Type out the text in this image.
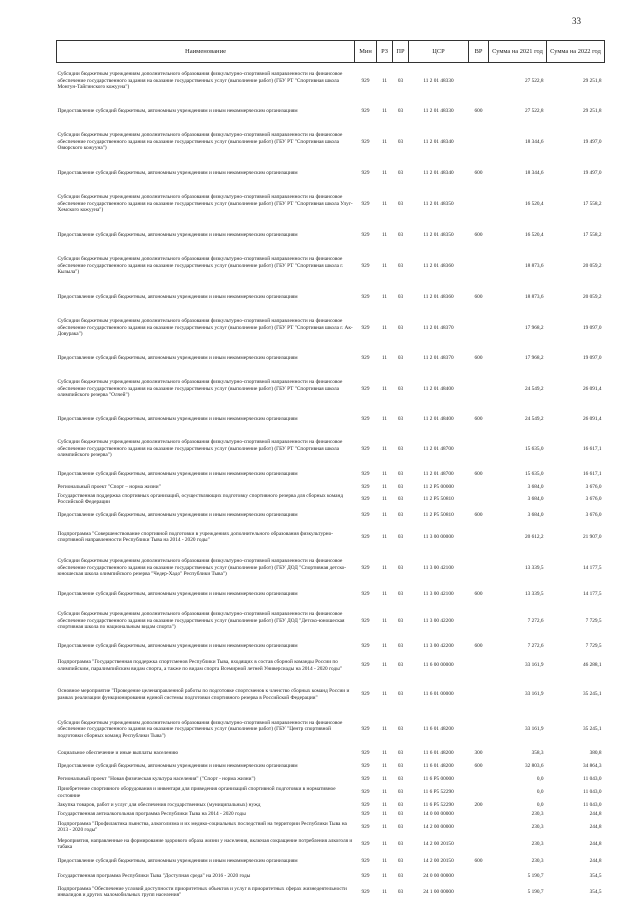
33
Наименование	Мин	РЗ	ПР	ЦСР	ВР	Сумма на 2021 год	Сумма на 2022 год
Субсидии бюджетным учреждениям дополнительного образования физкультурно-спортивной направленности на финансовое обеспечение государственного задания на оказание государственных услуг (выполнение работ) (ГБУ РТ "Спортивная школа Монгун-Тайгинского кожууна")	929	11	03	11 2 01 48330		27 522,8	29 251,8
Предоставление субсидий бюджетным, автономным учреждениям и иным некоммерческим организациям	929	11	03	11 2 01 48330	600	27 522,8	29 251,8
Субсидии бюджетным учреждениям дополнительного образования физкультурно-спортивной направленности на финансовое обеспечение государственного задания на оказание государственных услуг (выполнение работ) (ГБУ РТ "Спортивная школа Овюрского кожууна")	929	11	03	11 2 01 48340		18 344,6	19 497,0
Предоставление субсидий бюджетным, автономным учреждениям и иным некоммерческим организациям	929	11	03	11 2 01 48340	600	18 344,6	19 497,0
Субсидии бюджетным учреждениям дополнительного образования физкультурно-спортивной направленности на финансовое обеспечение государственного задания на оказание государственных услуг (выполнение работ) (ГБУ РТ "Спортивная школа Улуг-Хемского кожууна")	929	11	03	11 2 01 48350		16 520,4	17 558,2
Предоставление субсидий бюджетным, автономным учреждениям и иным некоммерческим организациям	929	11	03	11 2 01 48350	600	16 520,4	17 558,2
Субсидии бюджетным учреждениям дополнительного образования физкультурно-спортивной направленности на финансовое обеспечение государственного задания на оказание государственных услуг (выполнение работ) (ГБУ РТ "Спортивная школа г. Кызыла")	929	11	03	11 2 01 48360		18 873,6	20 059,2
Предоставление субсидий бюджетным, автономным учреждениям и иным некоммерческим организациям	929	11	03	11 2 01 48360	600	18 873,6	20 059,2
Субсидии бюджетным учреждениям дополнительного образования физкультурно-спортивной направленности на финансовое обеспечение государственного задания на оказание государственных услуг (выполнение работ) (ГБУ РТ "Спортивная школа г. Ак-Довурака")	929	11	03	11 2 01 48370		17 968,2	19 097,0
Предоставление субсидий бюджетным, автономным учреждениям и иным некоммерческим организациям	929	11	03	11 2 01 48370	600	17 968,2	19 097,0
Субсидии бюджетным учреждениям дополнительного образования физкультурно-спортивной направленности на финансовое обеспечение государственного задания на оказание государственных услуг (выполнение работ) (ГБУ РТ "Спортивная школа олимпийского резерва "Олчей")	929	11	03	11 2 01 48400		24 549,2	26 091,4
Предоставление субсидий бюджетным, автономным учреждениям и иным некоммерческим организациям	929	11	03	11 2 01 48400	600	24 549,2	26 091,4
Субсидии бюджетным учреждениям дополнительного образования физкультурно-спортивной направленности на финансовое обеспечение государственного задания на оказание государственных услуг (выполнение работ) (ГБУ РТ "Спортивная школа олимпийского резерва")	929	11	03	11 2 01 48700		15 635,0	16 617,1
Предоставление субсидий бюджетным, автономным учреждениям и иным некоммерческим организациям	929	11	03	11 2 01 48700	600	15 635,0	16 617,1
Региональный проект "Спорт – норма жизни"	929	11	03	11 2 P5 00000		3 684,0	3 676,0
Государственная поддержка спортивных организаций, осуществляющих подготовку спортивного резерва для сборных команд Российской Федерации	929	11	03	11 2 P5 50810		3 684,0	3 676,0
Предоставление субсидий бюджетным, автономным учреждениям и иным некоммерческим организациям	929	11	03	11 2 P5 50810	600	3 684,0	3 676,0
Подпрограмма "Совершенствование спортивной подготовки в учреждениях дополнительного образования физкультурно-спортивной направленности Республики Тыва на 2014 - 2020 годы"	929	11	03	11 3 00 00000		20 612,2	21 907,0
Субсидии бюджетным учреждениям дополнительного образования физкультурно-спортивной направленности на финансовое обеспечение государственного задания на оказание государственных услуг (выполнение работ) (ГБУ ДОД "Спортивная детско-юношеская школа олимпийского резерва "Чедер-Хадо" Республики Тыва")	929	11	03	11 3 00 42100		13 339,5	14 177,5
Предоставление субсидий бюджетным, автономным учреждениям и иным некоммерческим организациям	929	11	03	11 3 00 42100	600	13 339,5	14 177,5
Субсидии бюджетным учреждениям дополнительного образования физкультурно-спортивной направленности на финансовое обеспечение государственного задания на оказание государственных услуг (выполнение работ) (ГБУ ДОД "Детско-юношеская спортивная школа по национальным видам спорта")	929	11	03	11 3 00 42200		7 272,6	7 729,5
Предоставление субсидий бюджетным, автономным учреждениям и иным некоммерческим организациям	929	11	03	11 3 00 42200	600	7 272,6	7 729,5
Подпрограмма "Государственная поддержка спортсменов Республики Тыва, входящих в состав сборной команды России по олимпийским, паралимпийским видам спорта, а также по видам спорта Всемирной летней Универсиады на 2014 - 2020 годы"	929	11	03	11 6 00 00000		33 161,9	46 288,1
Основное мероприятие "Проведение целенаправленной работы по подготовке спортсменов к членство сборных команд России и рамках реализации функционирования единой системы подготовки спортивного резерва в Российской Федерации"	929	11	03	11 6 01 00000		33 161,9	35 245,1
Субсидии бюджетным учреждениям дополнительного образования физкультурно-спортивной направленности на финансовое обеспечение государственного задания на оказание государственных услуг (выполнение работ) (ГБУ "Центр спортивной подготовки сборных команд Республики Тыва")	929	11	03	11 6 01 48200		33 161,9	35 245,1
Социальное обеспечение и иные выплаты населению	929	11	03	11 6 01 48200	300	358,3	380,8
Предоставление субсидий бюджетным, автономным учреждениям и иным некоммерческим организациям	929	11	03	11 6 01 48200	600	32 803,6	34 864,3
Региональный проект "Новая физическая культура населения" ("Спорт - норма жизни")	929	11	03	11 6 P5 00000		0,0	11 043,0
Приобретение спортивного оборудования и инвентаря для приведения организаций спортивной подготовки в нормативное состояние	929	11	03	11 6 P5 52290		0,0	11 043,0
Закупка товаров, работ и услуг для обеспечения государственных (муниципальных) нужд	929	11	03	11 6 P5 52290	200	0,0	11 043,0
Государственная антиалкогольная программа Республики Тыва на 2014 - 2020 годы	929	11	03	14 0 00 00000		230,3	244,8
Подпрограмма "Профилактика пьянства, алкоголизма и их медико-социальных последствий на территории Республики Тыва на 2013 - 2020 годы"	929	11	03	14 2 00 00000		230,3	244,8
Мероприятия, направленные на формирование здорового образа жизни у населения, включая сокращение потребления алкоголя и табака	929	11	03	14 2 00 20150		230,3	244,8
Предоставление субсидий бюджетным, автономным учреждениям и иным некоммерческим организациям	929	11	03	14 2 00 20150	600	230,3	244,8
Государственная программа Республики Тыва "Доступная среда" на 2016 - 2020 годы	929	11	03	24 0 00 00000		5 190,7	354,5
Подпрограмма "Обеспечение условий доступности приоритетных объектов и услуг в приоритетных сферах жизнедеятельности инвалидов и других маломобильных групп населения"	929	11	03	24 1 00 00000		5 190,7	354,5
